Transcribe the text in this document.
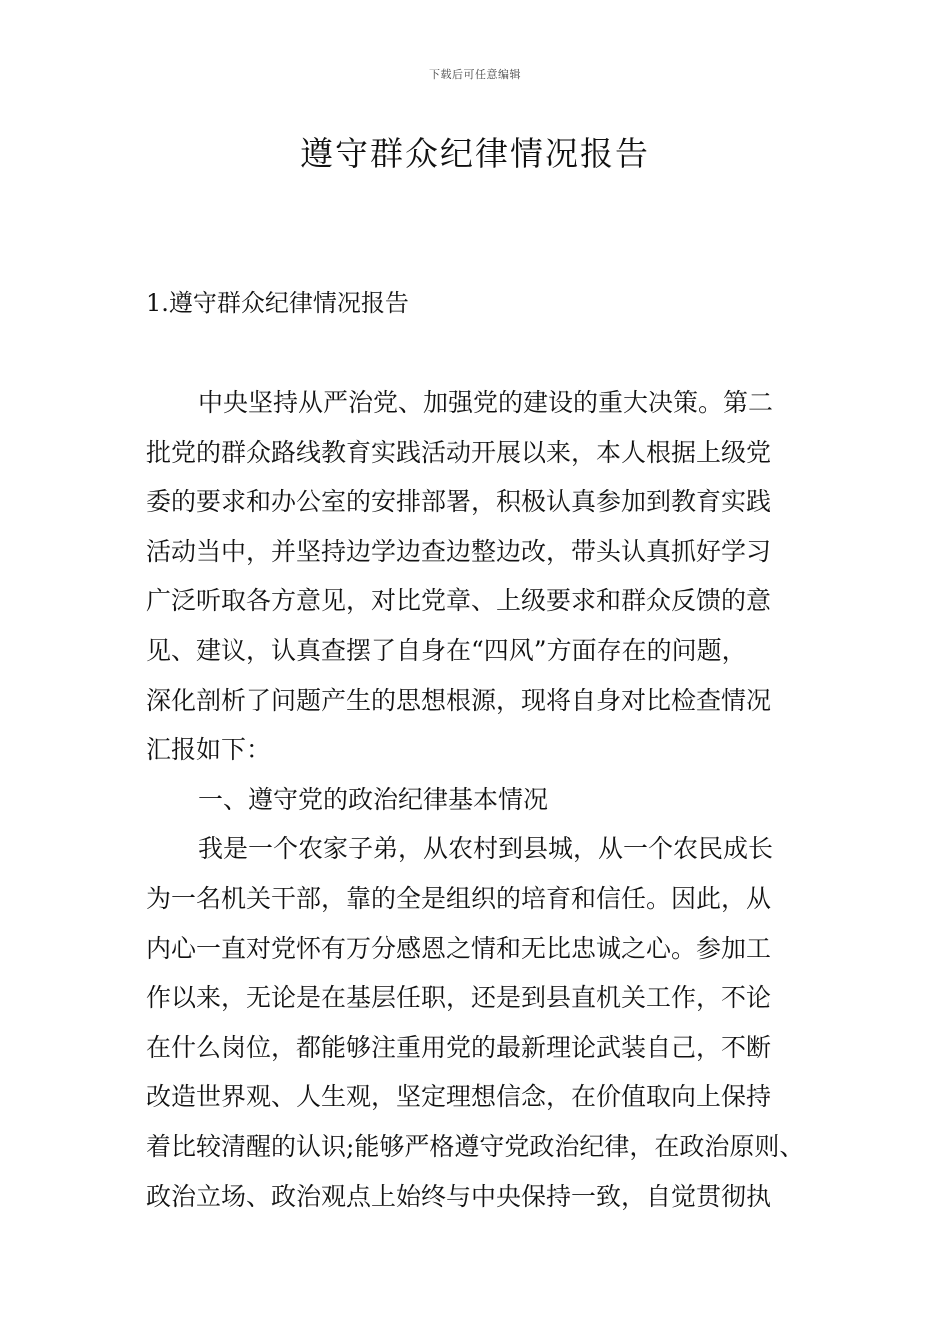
下载后可任意编辑
遵守群众纪律情况报告
1.遵守群众纪律情况报告
中央坚持从严治党、加强党的建设的重大决策。第二
批党的群众路线教育实践活动开展以来，本人根据上级党
委的要求和办公室的安排部署，积极认真参加到教育实践
活动当中，并坚持边学边查边整边改，带头认真抓好学习
广泛听取各方意见，对比党章、上级要求和群众反馈的意
见、建议，认真查摆了自身在“四风”方面存在的问题，
深化剖析了问题产生的思想根源，现将自身对比检查情况
汇报如下：
一、遵守党的政治纪律基本情况
我是一个农家子弟，从农村到县城，从一个农民成长
为一名机关干部，靠的全是组织的培育和信任。因此，从
内心一直对党怀有万分感恩之情和无比忠诚之心。参加工
作以来，无论是在基层任职，还是到县直机关工作，不论
在什么岗位，都能够注重用党的最新理论武装自己，不断
改造世界观、人生观，坚定理想信念，在价值取向上保持
着比较清醒的认识;能够严格遵守党政治纪律，在政治原则、
政治立场、政治观点上始终与中央保持一致，自觉贯彻执
